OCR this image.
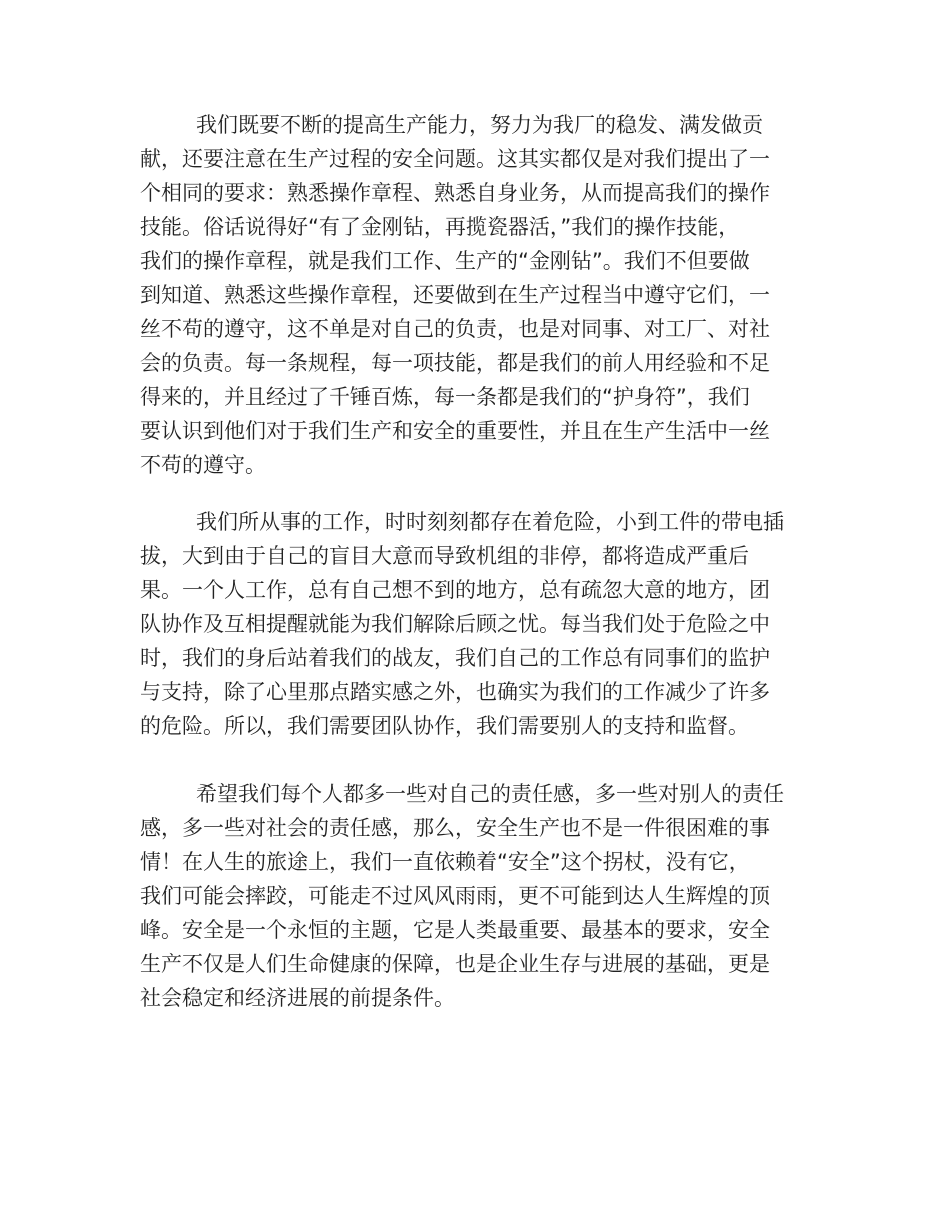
我们既要不断的提高生产能力，努力为我厂的稳发、满发做贡
献，还要注意在生产过程的安全问题。这其实都仅是对我们提出了一
个相同的要求：熟悉操作章程、熟悉自身业务，从而提高我们的操作
技能。俗话说得好“有了金刚钻，再揽瓷器活，”我们的操作技能，
我们的操作章程，就是我们工作、生产的“金刚钻”。我们不但要做
到知道、熟悉这些操作章程，还要做到在生产过程当中遵守它们，一
丝不苟的遵守，这不单是对自己的负责，也是对同事、对工厂、对社
会的负责。每一条规程，每一项技能，都是我们的前人用经验和不足
得来的，并且经过了千锤百炼，每一条都是我们的“护身符”，我们
要认识到他们对于我们生产和安全的重要性，并且在生产生活中一丝
不苟的遵守。
我们所从事的工作，时时刻刻都存在着危险，小到工件的带电插
拔，大到由于自己的盲目大意而导致机组的非停，都将造成严重后
果。一个人工作，总有自己想不到的地方，总有疏忽大意的地方，团
队协作及互相提醒就能为我们解除后顾之忧。每当我们处于危险之中
时，我们的身后站着我们的战友，我们自己的工作总有同事们的监护
与支持，除了心里那点踏实感之外，也确实为我们的工作减少了许多
的危险。所以，我们需要团队协作，我们需要别人的支持和监督。
希望我们每个人都多一些对自己的责任感，多一些对别人的责任
感，多一些对社会的责任感，那么，安全生产也不是一件很困难的事
情！在人生的旅途上，我们一直依赖着“安全”这个拐杖，没有它，
我们可能会摔跤，可能走不过风风雨雨，更不可能到达人生辉煌的顶
峰。安全是一个永恒的主题，它是人类最重要、最基本的要求，安全
生产不仅是人们生命健康的保障，也是企业生存与进展的基础，更是
社会稳定和经济进展的前提条件。
